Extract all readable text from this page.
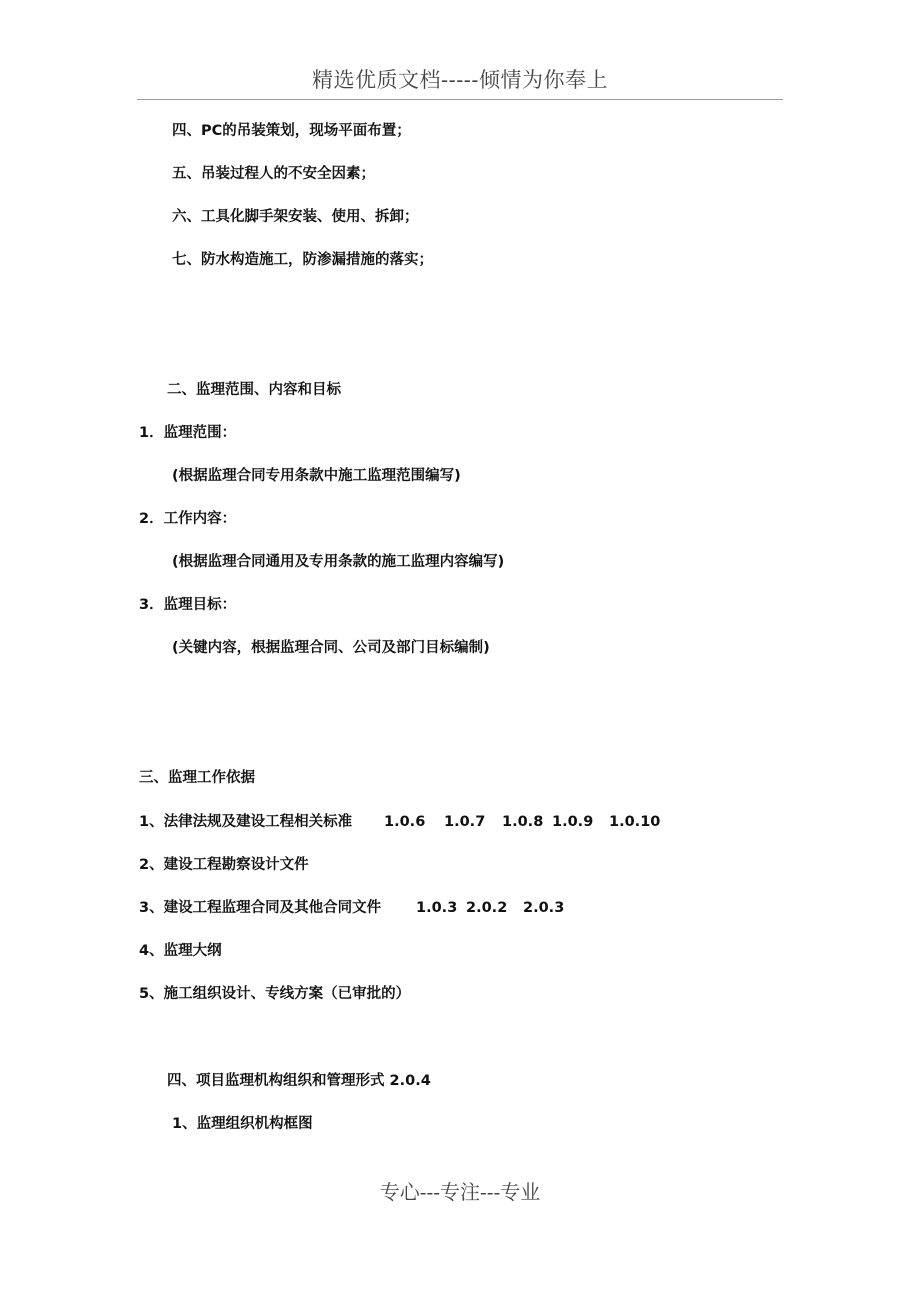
精选优质文档-----倾情为你奉上
四、PC的吊装策划，现场平面布置；
五、吊装过程人的不安全因素；
六、工具化脚手架安装、使用、拆卸；
七、防水构造施工，防渗漏措施的落实；
二、监理范围、内容和目标
1．监理范围：
(根据监理合同专用条款中施工监理范围编写)
2．工作内容：
(根据监理合同通用及专用条款的施工监理内容编写)
3．监理目标：
(关键内容，根据监理合同、公司及部门目标编制)
三、监理工作依据
1、法律法规及建设工程相关标准 1.0.6 1.0.7 1.0.8 1.0.9 1.0.10
2、建设工程勘察设计文件
3、建设工程监理合同及其他合同文件 1.0.3 2.0.2 2.0.3
4、监理大纲
5、施工组织设计、专线方案（已审批的）
四、项目监理机构组织和管理形式 2.0.4
1、监理组织机构框图
专心---专注---专业
